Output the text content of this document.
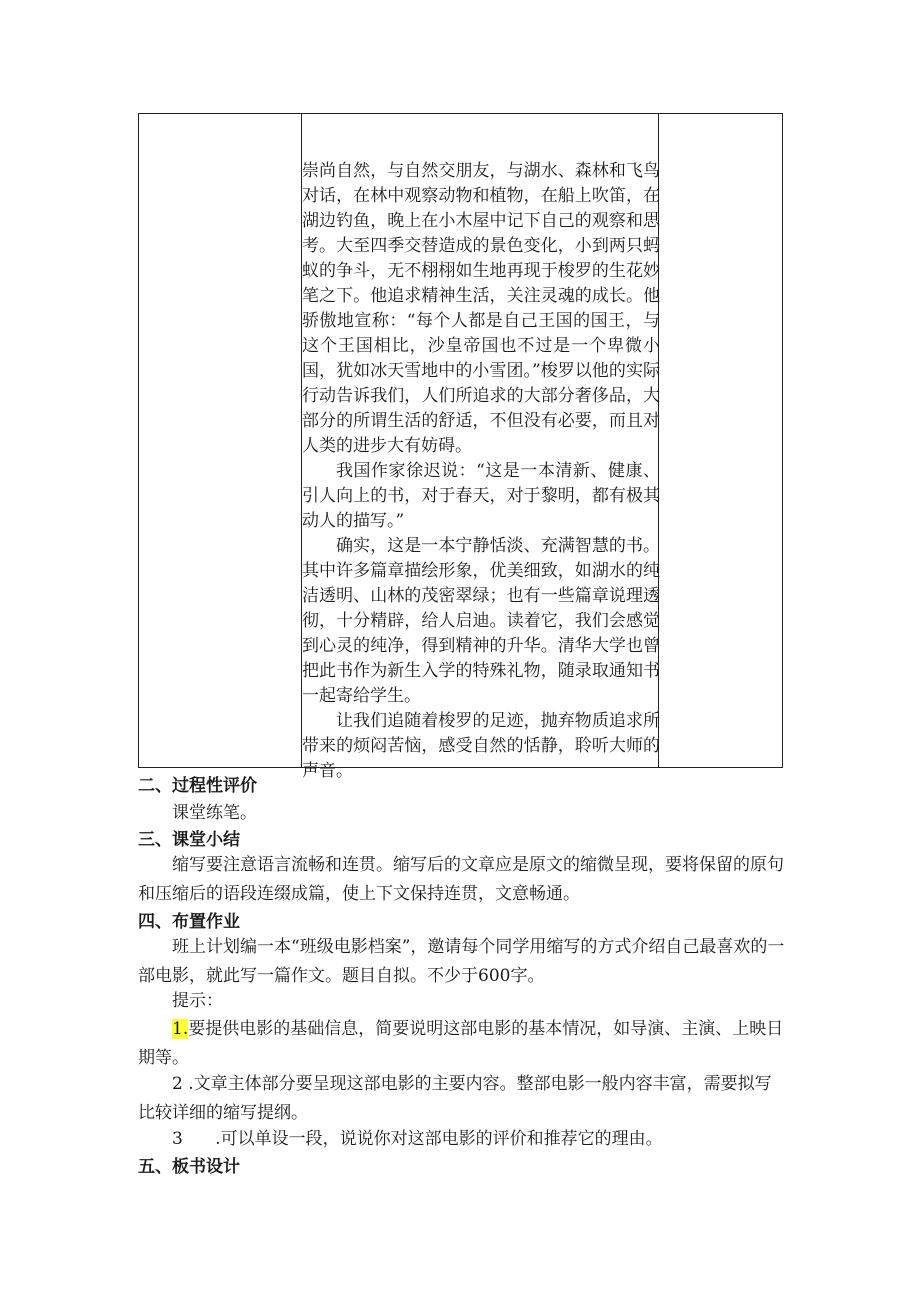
崇尚自然，与自然交朋友，与湖水、森林和飞鸟对话，在林中观察动物和植物，在船上吹笛，在湖边钓鱼，晚上在小木屋中记下自己的观察和思考。大至四季交替造成的景色变化，小到两只蚂蚁的争斗，无不栩栩如生地再现于梭罗的生花妙笔之下。他追求精神生活，关注灵魂的成长。他骄傲地宣称：“每个人都是自己王国的国王，与这个王国相比，沙皇帝国也不过是一个卑微小国，犹如冰天雪地中的小雪团。”梭罗以他的实际行动告诉我们，人们所追求的大部分奢侈品，大部分的所谓生活的舒适，不但没有必要，而且对人类的进步大有妨碍。

我国作家徐迟说：“这是一本清新、健康、引人向上的书，对于春天，对于黎明，都有极其动人的描写。”

确实，这是一本宁静恬淡、充满智慧的书。其中许多篇章描绘形象，优美细致，如湖水的纯洁透明、山林的茂密翠绿；也有一些篇章说理透彻，十分精辟，给人启迪。读着它，我们会感觉到心灵的纯净，得到精神的升华。清华大学也曾把此书作为新生入学的特殊礼物，随录取通知书一起寄给学生。

让我们追随着梭罗的足迹，抛弃物质追求所带来的烦闷苦恼，感受自然的恬静，聆听大师的声音。

二、过程性评价

课堂练笔。

三、课堂小结

缩写要注意语言流畅和连贯。缩写后的文章应是原文的缩微呈现，要将保留的原句和压缩后的语段连缀成篇，使上下文保持连贯，文意畅通。

四、布置作业

班上计划编一本“班级电影档案”，邀请每个同学用缩写的方式介绍自己最喜欢的一部电影，就此写一篇作文。题目自拟。不少于600字。

提示：

1.要提供电影的基础信息，简要说明这部电影的基本情况，如导演、主演、上映日期等。

2 .文章主体部分要呈现这部电影的主要内容。整部电影一般内容丰富，需要拟写比较详细的缩写提纲。

3 .可以单设一段，说说你对这部电影的评价和推荐它的理由。

五、板书设计
